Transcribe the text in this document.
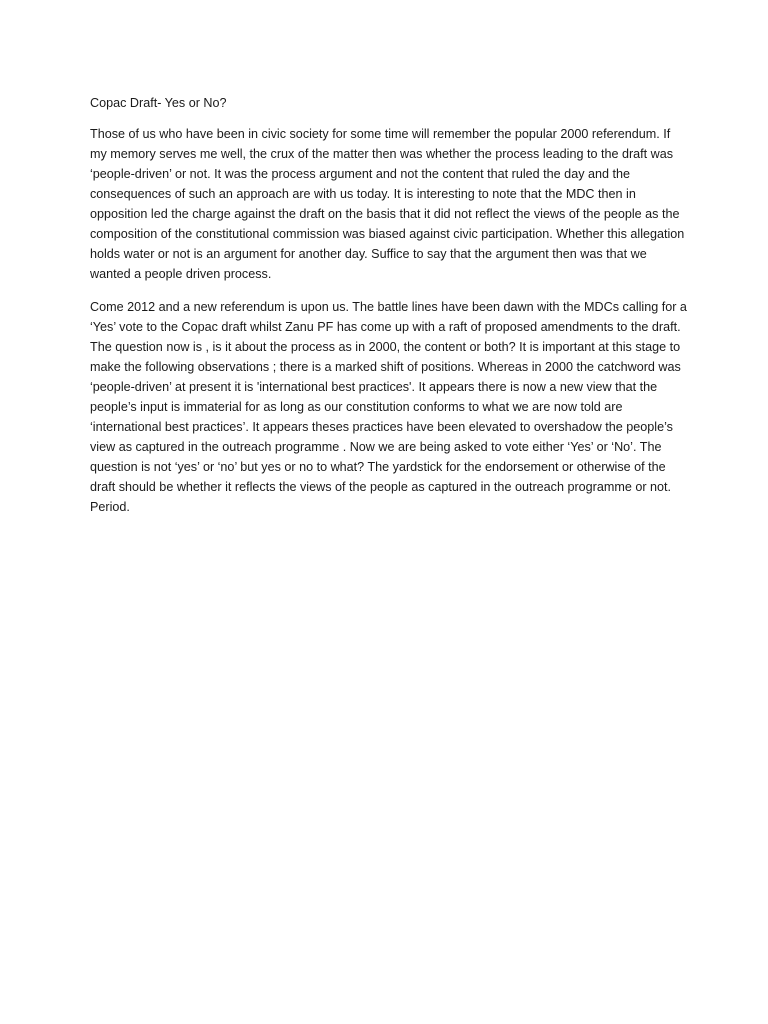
Copac Draft- Yes or No?

Those of us who have been in civic society for some time will remember the popular 2000 referendum. If my memory serves me well, the crux of the matter then was whether the process leading to the draft was ‘people-driven’ or not. It was the process argument and not the content that ruled the day and the consequences of such an approach are with us today. It is interesting to note that the MDC then in opposition led the charge against the draft on the basis that it did not reflect the views of the people as the composition of the constitutional commission was biased against civic participation. Whether this allegation holds water or not is an argument for another day. Suffice to say that the argument then was that we wanted a people driven process.

Come 2012 and a new referendum is upon us. The battle lines have been dawn with the MDCs calling for a ‘Yes’ vote to the Copac draft whilst Zanu PF has come up with a raft of proposed amendments to the draft. The question now is , is it about the process as in 2000, the content or both? It is important at this stage to make the following observations ; there is a marked shift of positions. Whereas in 2000 the catchword was ‘people-driven’ at present it is 'international best practices'. It appears there is now a new view that the people’s input is immaterial for as long as our constitution conforms to what we are now told are ‘international best practices’. It appears theses practices have been elevated to overshadow the people’s view as captured in the outreach programme . Now we are being asked to vote either ‘Yes’ or ‘No’. The question is not ‘yes’ or ‘no’ but yes or no to what? The yardstick for the endorsement or otherwise of the draft should be whether it reflects the views of the people as captured in the outreach programme or not. Period.
